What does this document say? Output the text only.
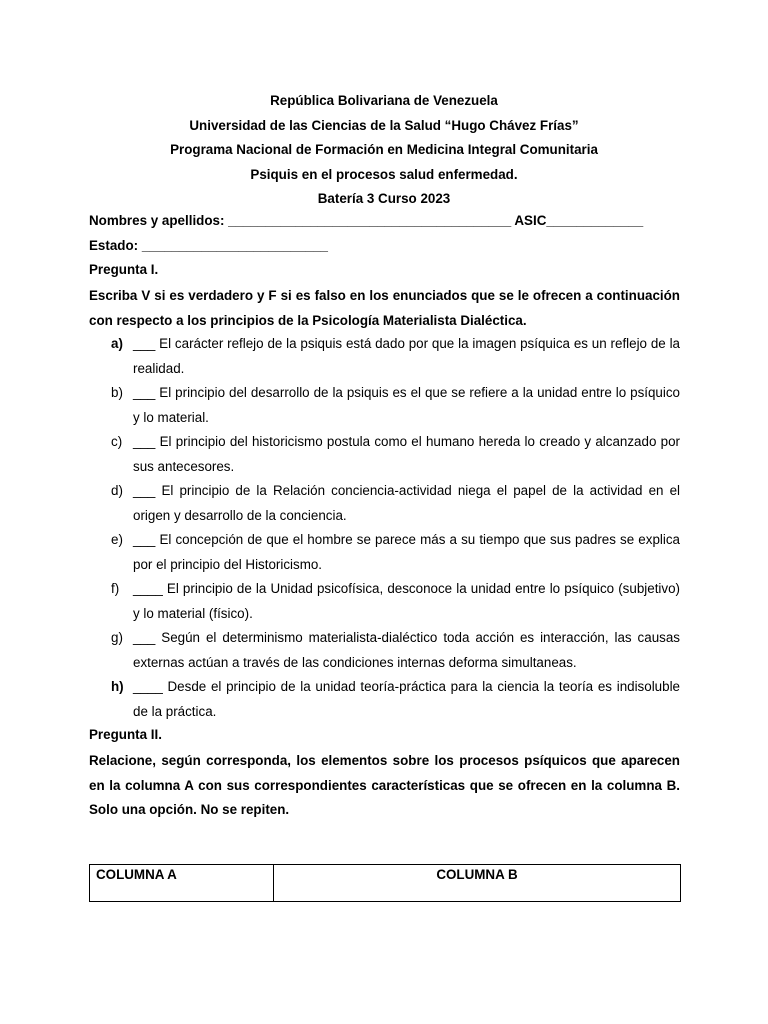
República Bolivariana de Venezuela
Universidad de las Ciencias de la Salud “Hugo Chávez Frías”
Programa Nacional de Formación en Medicina Integral Comunitaria
Psiquis en el procesos salud enfermedad.
Batería 3 Curso 2023
Nombres y apellidos: ______________________________________ ASIC_____________
Estado: _________________________
Pregunta I.
Escriba V si es verdadero y F si es falso en los enunciados que se le ofrecen a continuación con respecto a los principios de la Psicología Materialista Dialéctica.
a) ___ El carácter reflejo de la psiquis está dado por que la imagen psíquica es un reflejo de la realidad.
b) ___ El principio del desarrollo de la psiquis es el que se refiere a la unidad entre lo psíquico y lo material.
c) ___ El principio del historicismo postula como el humano hereda lo creado y alcanzado por sus antecesores.
d) ___ El principio de la Relación conciencia-actividad niega el papel de la actividad en el origen y desarrollo de la conciencia.
e) ___ El concepción de que el hombre se parece más a su tiempo que sus padres se explica por el principio del Historicismo.
f) ____ El principio de la Unidad psicofísica, desconoce la unidad entre lo psíquico (subjetivo) y lo material (físico).
g) ___ Según el determinismo materialista-dialéctico toda acción es interacción, las causas externas actúan a través de las condiciones internas deforma simultaneas.
h) ____ Desde el principio de la unidad teoría-práctica para la ciencia la teoría es indisoluble de la práctica.
Pregunta II.
Relacione, según corresponda, los elementos sobre los procesos psíquicos que aparecen en la columna A con sus correspondientes características que se ofrecen en la columna B. Solo una opción. No se repiten.
COLUMNA A	COLUMNA B
